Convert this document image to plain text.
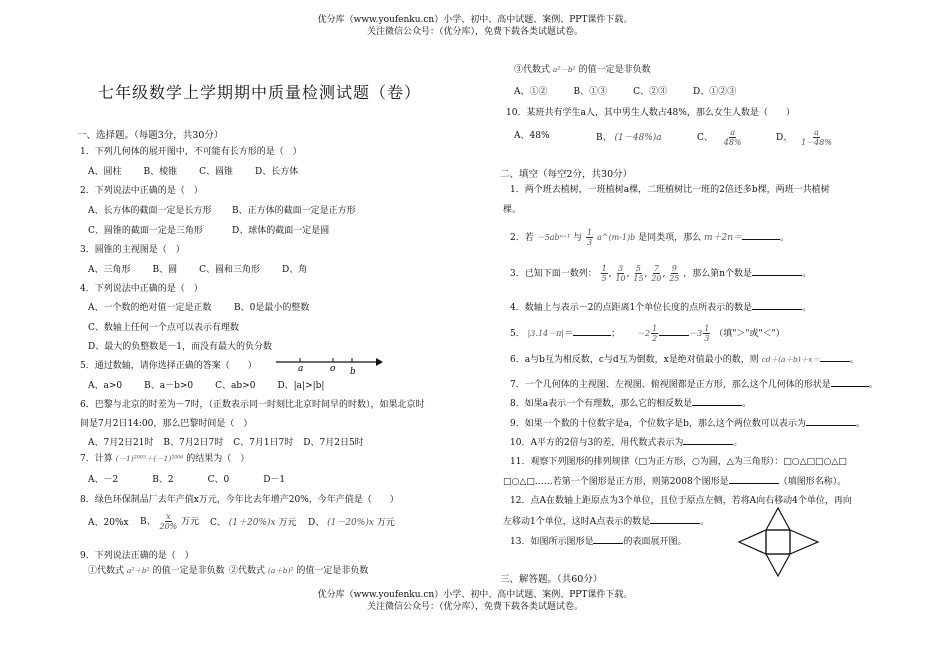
优分库（www.youfenku.cn）小学、初中、高中试题、案例、PPT课件下载。
关注微信公众号：（优分库），免费下载各类试题试卷。
七年级数学上学期期中质量检测试题（卷）
一、选择题。（每题3分，共30分）
1．下列几何体的展开图中，不可能有长方形的是（　）
A、圆柱 B、棱锥 C、圆锥 D、长方体
2．下列说法中正确的是（　）
A、长方体的截面一定是长方形 B、正方体的截面一定是正方形
C、圆锥的截面一定是三角形	D、球体的截面一定是圆
3．圆锥的主视图是（　）
A、三角形 B、圆 C、圆和三角形 D、角
4．下列说法中正确的是（　）
A、一个数的绝对值一定是正数 B、0是最小的整数
C、数轴上任何一个点可以表示有理数
D、最大的负整数是－1，而没有最大的负分数
5．通过数轴，请你选择正确的答案（　　）	a	o b
A、a>0 B、a－b>0 C、ab>0 D、|a|>|b|
6．巴黎与北京的时差为－7时，（正数表示同一时刻比北京时间早的时数），如果北京时
间是7月2日14:00，那么巴黎时间是（　）
A、7月2日21时 B、7月2日7时 C、7月1日7时 D、7月2日5时
7．计算 (－1)²⁰⁰⁵＋(－1)²⁰⁰⁶ 的结果为（　）
A、－2	B、2	C、0	D－1
8．绿色环保制品厂去年产值x万元，今年比去年增产20%，今年产值是（　　）
A、20%x B、 $\frac{x}{20\%}$ 万元 C、 (1＋20%)x 万元 D、 (1－20%)x 万元
9．下列说法正确的是（　）
①代数式 a²＋b² 的值一定是非负数 ②代数式 (a＋b)² 的值一定是非负数
③代数式 a²－b² 的值一定是非负数
A、①②	B、①③	C、②③	D、①②③
10．某班共有学生a人，其中男生人数占48%，那么女生人数是（　　）
A、48%	B、 (1－48%)a	C、 $\frac{a}{48\%}$	D、 $\frac{a}{1-48\%}$
二、填空（每空2分，共30分）
1．两个班去植树，一班植树a棵，二班植树比一班的2倍还多b棵，两班一共植树
棵。
2．若 －5abⁿ⁺¹ 与 $\frac{1}{3}$ a^(m-1)b 是同类项，那么 m＋2n＝	。
3．已知下面一数列： $\frac{1}{5}$ , $\frac{3}{10}$ , $\frac{5}{15}$ , $\frac{7}{20}$ , $\frac{9}{25}$ ，那么第n个数是	。
4．数轴上与表示－2的点距离1个单位长度的点所表示的数是	。
5． |3.14－π|＝	； $-2 \frac{1}{2}$	$-3 \frac{1}{3}$ （填"＞"或"＜"）
6．a与b互为相反数，c与d互为倒数，x是绝对值最小的数，则 cd＋(a＋b)＋x＝	。
7．一个几何体的主视图、左视图、俯视图都是正方形，那么这个几何体的形状是	。
8．如果a表示一个有理数，那么它的相反数是	。
9．如果一个数的十位数字是a，个位数字是b，那么这个两位数可以表示为	。
10．A平方的2倍与3的差，用代数式表示为	。
11．观察下列图形的排列规律（□为正方形，○为圆，△为三角形）：□○△□□○△□
□○△□……若第一个图形是正方形，则第2008个图形是	（填图形名称）。
12．点A在数轴上距原点为3个单位，且位于原点左侧，若将A向右移动4个单位，再向
左移动1个单位，这时A点表示的数是	。
13．如图所示图形是	的表面展开图。
三、解答题。（共60分）
优分库（www.youfenku.cn）小学、初中、高中试题、案例、PPT课件下载。
关注微信公众号：（优分库），免费下载各类试题试卷。
